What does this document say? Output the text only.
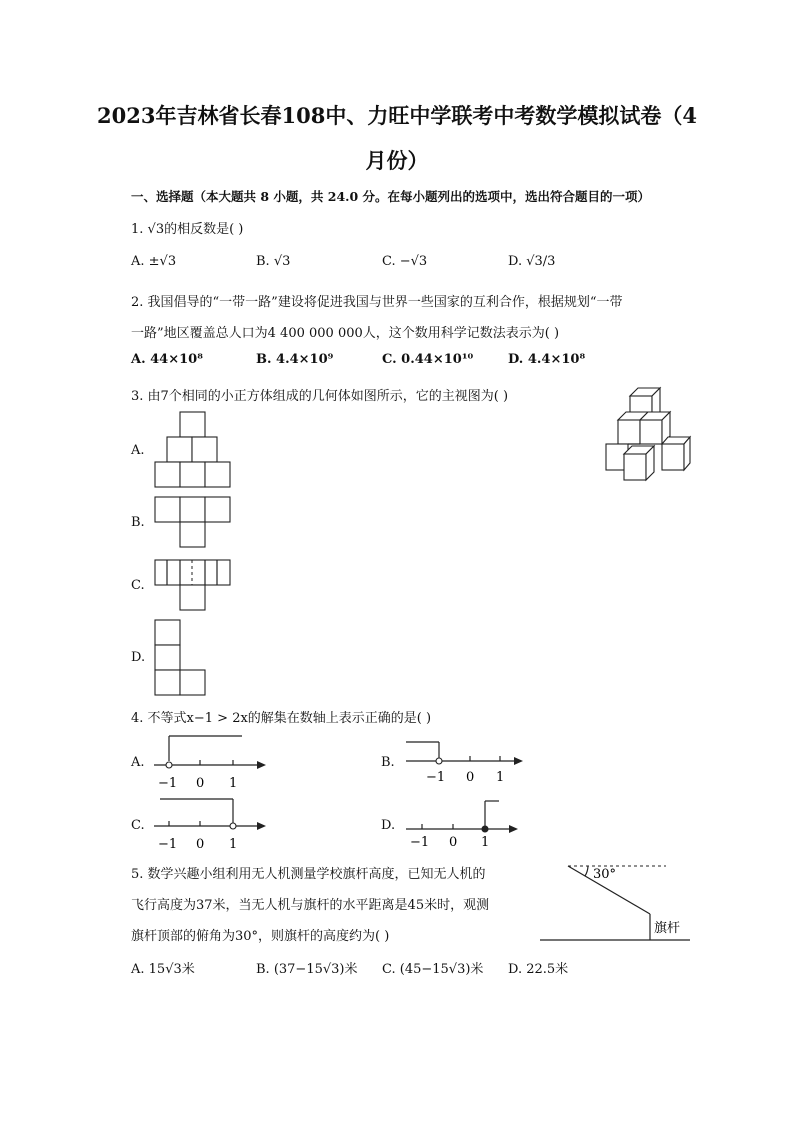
2023年吉林省长春108中、力旺中学联考中考数学模拟试卷（4
月份）
一、选择题（本大题共 8 小题，共 24.0 分。在每小题列出的选项中，选出符合题目的一项）
1. √3的相反数是( )
A. ±√3	B. √3	C. −√3	D. √3/3
2. 我国倡导的“一带一路”建设将促进我国与世界一些国家的互利合作，根据规划“一带
一路”地区覆盖总人口为4 400 000 000人，这个数用科学记数法表示为( )
A. 44×10⁸	B. 4.4×10⁹	C. 0.44×10¹⁰	D. 4.4×10⁸
3. 由7个相同的小正方体组成的几何体如图所示，它的主视图为( )
A.
B.
C.
D.
4. 不等式x−1 > 2x的解集在数轴上表示正确的是( )
A.
−1 0 1
B.
−1 0 1
C.
−1 0 1
D.
−1 0 1
5. 数学兴趣小组利用无人机测量学校旗杆高度，已知无人机的
飞行高度为37米，当无人机与旗杆的水平距离是45米时，观测
旗杆顶部的俯角为30°，则旗杆的高度约为( )
30°
旗杆
A. 15√3米	B. (37−15√3)米 C. (45−15√3)米 D. 22.5米
